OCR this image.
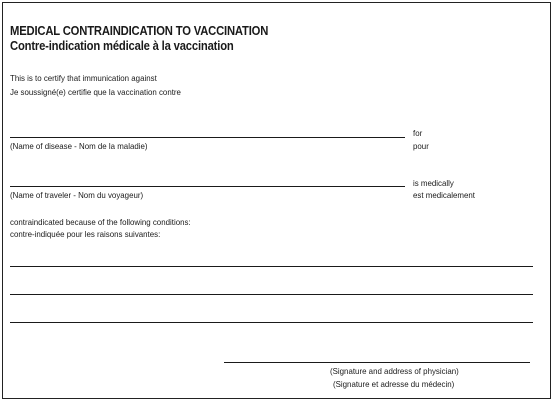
MEDICAL CONTRAINDICATION TO VACCINATION
Contre-indication médicale à la vaccination
This is to certify that immunication against
Je soussigné(e) certifie que la vaccination contre
(Name of disease - Nom de la maladie)
for
pour
(Name of traveler - Nom du voyageur)
is medically
est medicalement
contraindicated because of the following conditions:
contre-indiquée pour les raisons suivantes:
(Signature and address of physician)
(Signature et adresse du médecin)
